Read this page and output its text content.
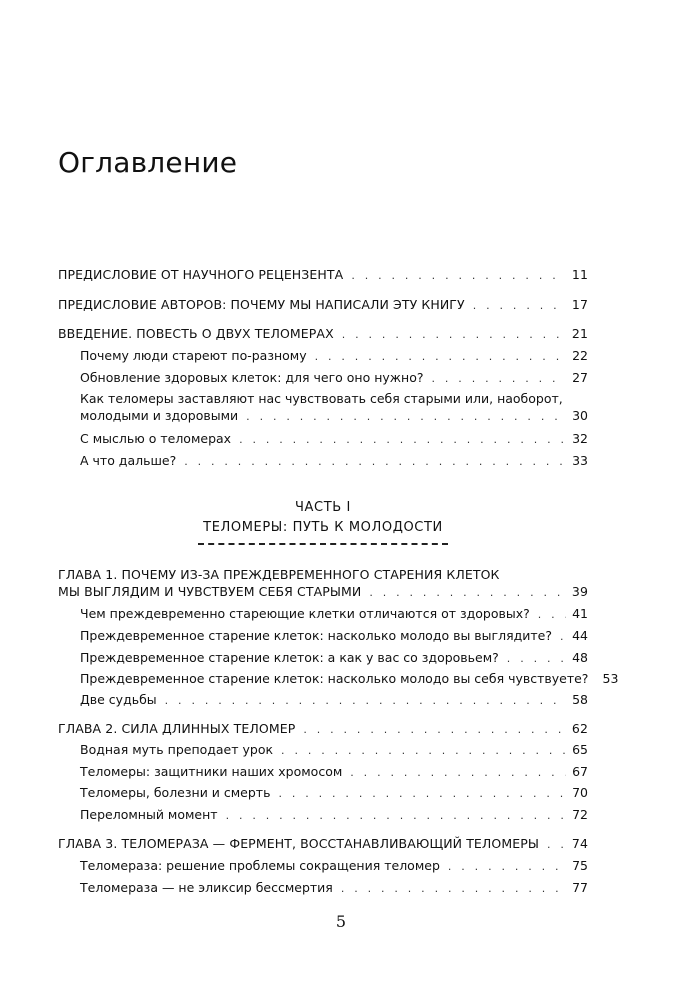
Оглавление
ПРЕДИСЛОВИЕ ОТ НАУЧНОГО РЕЦЕНЗЕНТА . . .	11
ПРЕДИСЛОВИЕ АВТОРОВ: ПОЧЕМУ МЫ НАПИСАЛИ ЭТУ КНИГУ . . .	17
ВВЕДЕНИЕ. ПОВЕСТЬ О ДВУХ ТЕЛОМЕРАХ . . .	21
Почему люди стареют по-разному . . .	22
Обновление здоровых клеток: для чего оно нужно? . . .	27
Как теломеры заставляют нас чувствовать себя старыми или, наоборот,
молодыми и здоровыми . . .	30
С мыслью о теломерах . . .	32
А что дальше? . . .	33
ЧАСТЬ I
ТЕЛОМЕРЫ: ПУТЬ К МОЛОДОСТИ
ГЛАВА 1. ПОЧЕМУ ИЗ-ЗА ПРЕЖДЕВРЕМЕННОГО СТАРЕНИЯ КЛЕТОК
МЫ ВЫГЛЯДИМ И ЧУВСТВУЕМ СЕБЯ СТАРЫМИ . . .	39
Чем преждевременно стареющие клетки отличаются от здоровых? . . .	41
Преждевременное старение клеток: насколько молодо вы выглядите? . . . 44
Преждевременное старение клеток: а как у вас со здоровьем? . . .	48
Преждевременное старение клеток: насколько молодо вы себя чувствуете? 53
Две судьбы . . .	58
ГЛАВА 2. СИЛА ДЛИННЫХ ТЕЛОМЕР . . .	62
Водная муть преподает урок . . .	65
Теломеры: защитники наших хромосом . . .	67
Теломеры, болезни и смерть . . .	70
Переломный момент . . .	72
ГЛАВА 3. ТЕЛОМЕРАЗА — ФЕРМЕНТ, ВОССТАНАВЛИВАЮЩИЙ ТЕЛОМЕРЫ . . .	74
Теломераза: решение проблемы сокращения теломер . . .	75
Теломераза — не эликсир бессмертия . . .	77
5
